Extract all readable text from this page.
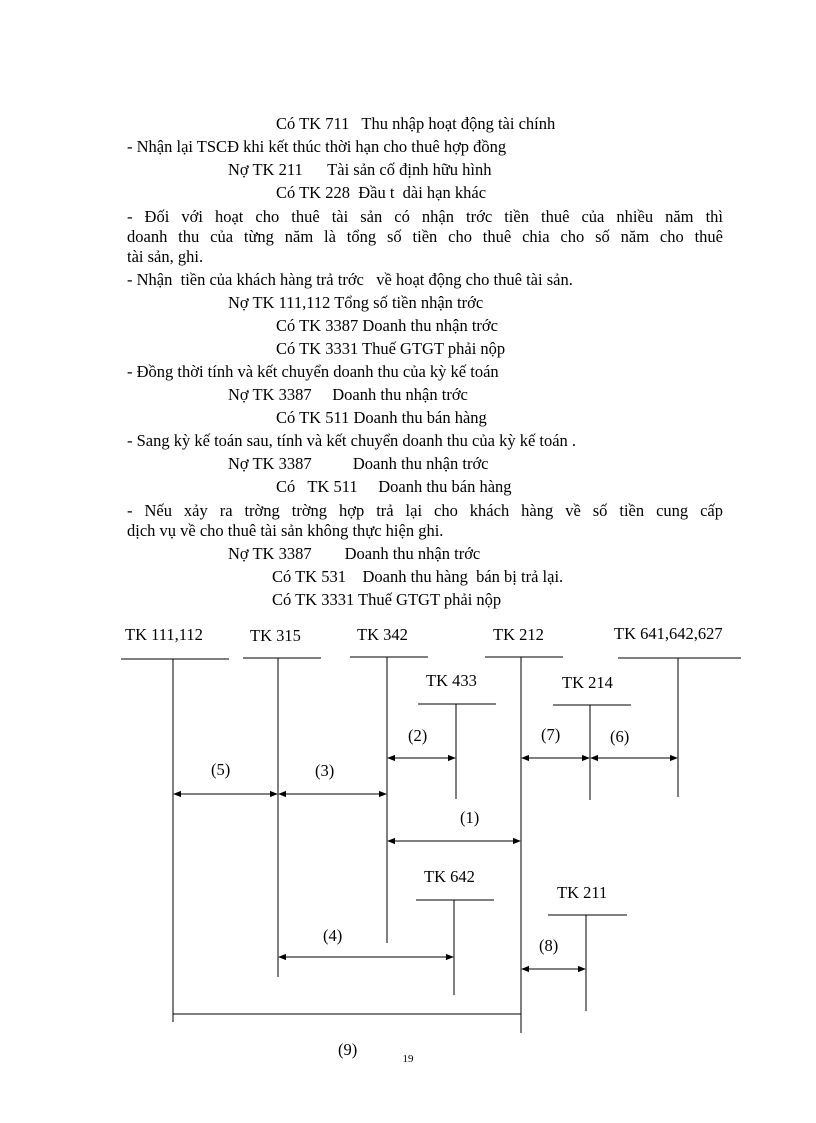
Có TK 711   Thu nhập hoạt động tài chính
- Nhận lại TSCĐ khi kết thúc thời hạn cho thuê hợp đồng
Nợ TK 211      Tài sản cố định hữu hình
Có TK 228  Đầu t  dài hạn khác
- Đối với hoạt cho thuê tài sản có nhận trớc tiền thuê của nhiều năm thì
doanh thu của từng năm là tổng số tiền cho thuê chia cho số năm cho thuê
tài sản, ghi.
- Nhận  tiền của khách hàng trả trớc   về hoạt động cho thuê tài sản.
Nợ TK 111,112 Tổng số tiền nhận trớc
Có TK 3387 Doanh thu nhận trớc
Có TK 3331 Thuế GTGT phải nộp
- Đồng thời tính và kết chuyển doanh thu của kỳ kế toán
Nợ TK 3387     Doanh thu nhận trớc
Có TK 511 Doanh thu bán hàng
- Sang kỳ kế toán sau, tính và kết chuyển doanh thu của kỳ kế toán .
Nợ TK 3387          Doanh thu nhận trớc
Có   TK 511     Doanh thu bán hàng
- Nếu xảy ra trờng trờng hợp trả lại cho khách hàng về số tiền cung cấp
dịch vụ về cho thuê tài sản không thực hiện ghi.
Nợ TK 3387        Doanh thu nhận trớc
Có TK 531    Doanh thu hàng  bán bị trả lại.
Có TK 3331 Thuế GTGT phải nộp
TK 111,112	TK 315	TK 342	TK 212	TK 641,642,627
TK 433	TK 214
TK 642
TK 211
(2)	(7)	(6)
(5)	(3)
(1)
(4)
(8)
(9)	19
